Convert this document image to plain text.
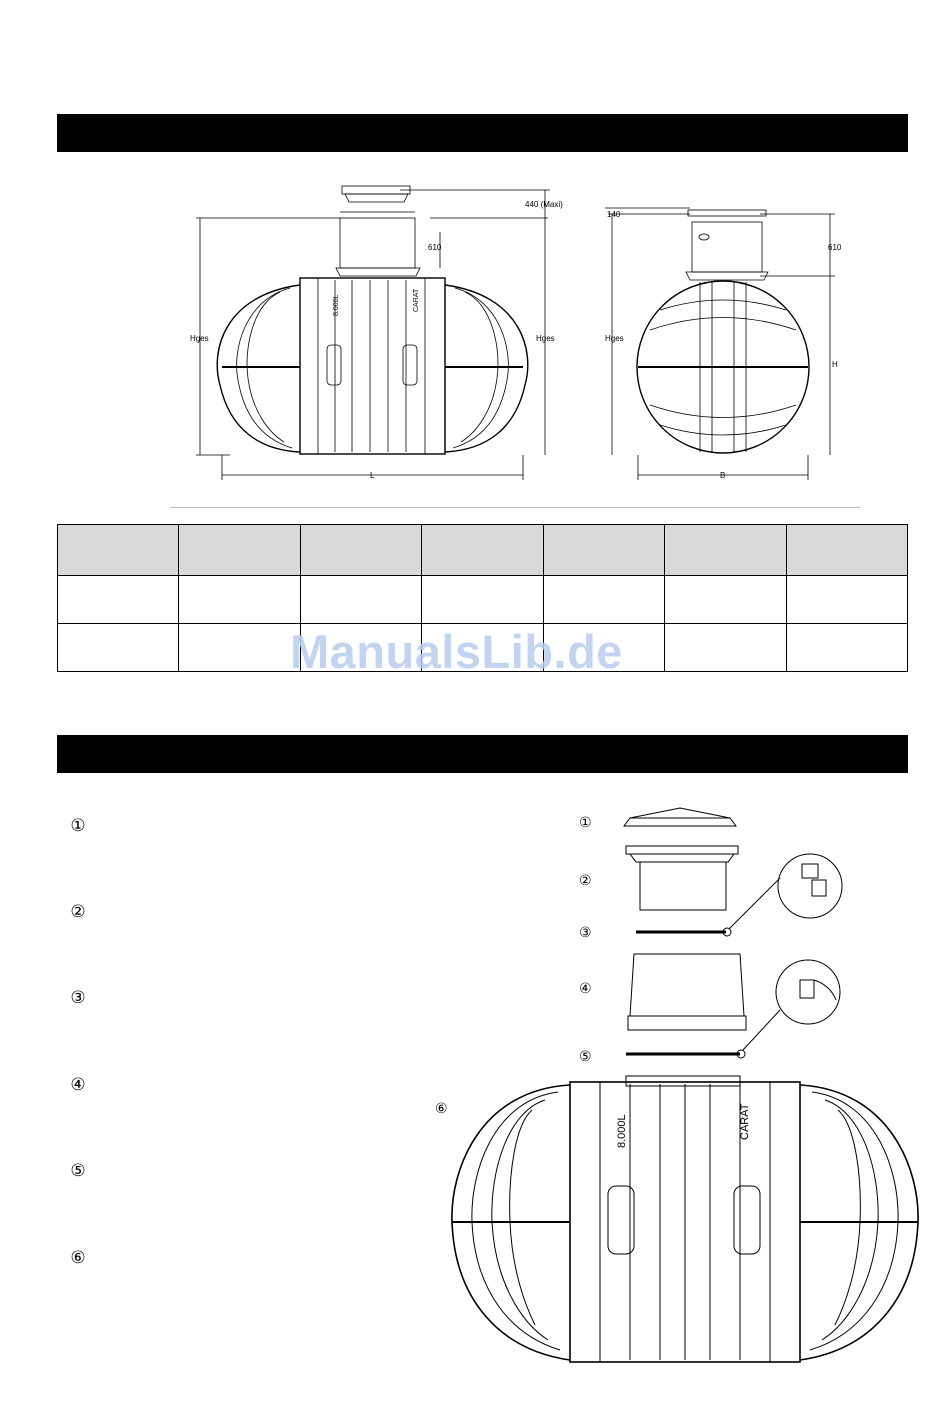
Hges	Hges
440 (Maxi)
610
L
140
610
Hges
H
B
8.000L	CARAT

ManualsLib.de
①
②
③
④
⑤
⑥
①
②
③
④
⑤
⑥
8.000L	CARAT
